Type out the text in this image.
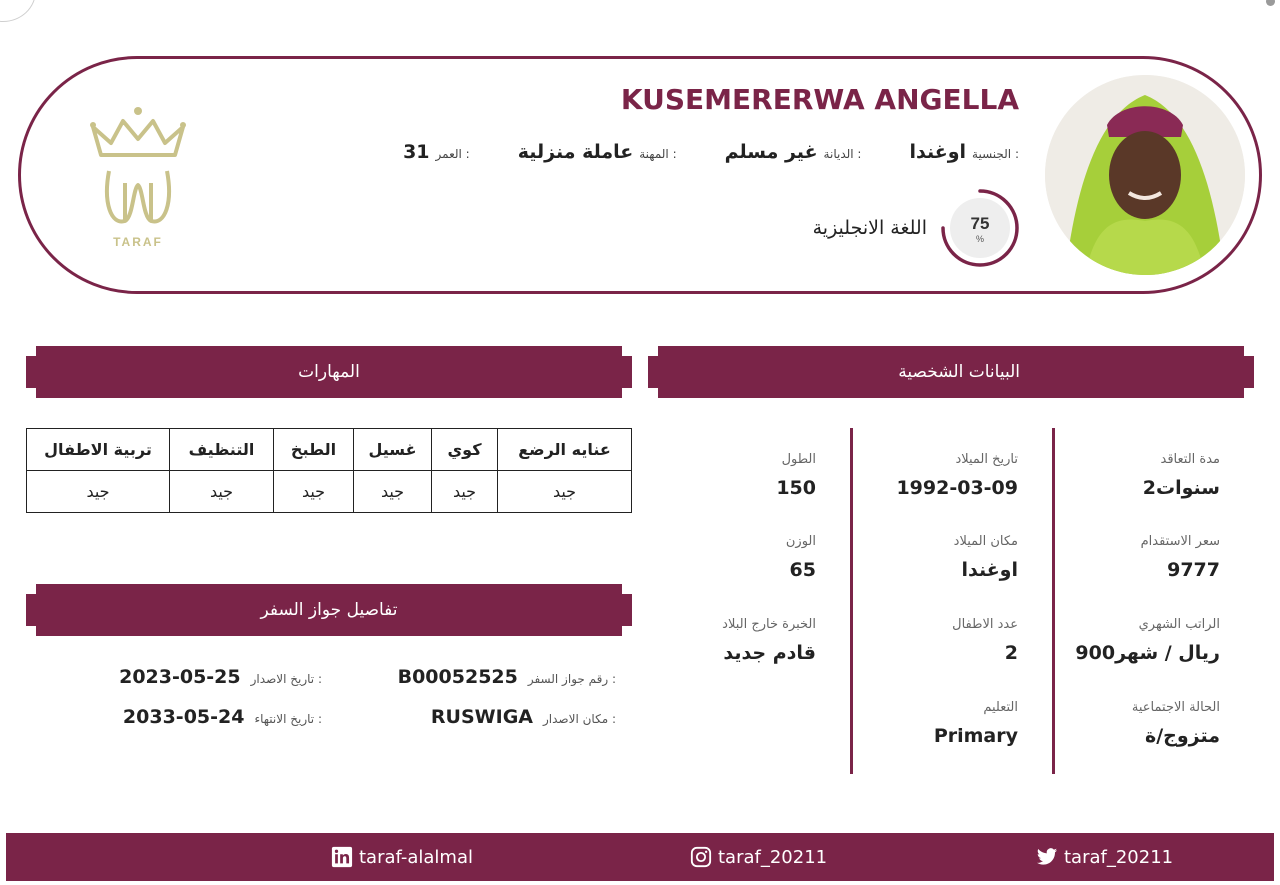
KUSEMERERWA ANGELLA
الجنسية :
اوغندا
الديانة :
غير مسلم
المهنة :
عاملة منزلية
العمر :
31
75
%
اللغة الانجليزية
TARAF
المهارات	البيانات الشخصية
تفاصيل جواز السفر
عنايه الرضع	كوي	غسيل	الطبخ	التنظيف	تربية الاطفال
جيد	جيد	جيد	جيد	جيد	جيد
رقم جواز السفر :
B00052525
تاريخ الاصدار :
2023-05-25
مكان الاصدار :
RUSWIGA
تاريخ الانتهاء :
2033-05-24
مدة التعاقد
2سنوات
سعر الاستقدام
9777
الراتب الشهري
900ريال / شهر
الحالة الاجتماعية
متزوج/ة
تاريخ الميلاد
1992-03-09
مكان الميلاد
اوغندا
عدد الاطفال
2
التعليم
Primary
الطول
150
الوزن
65
الخبرة خارج البلاد
قادم جديد
taraf_20211
taraf_20211
taraf-alalmal
